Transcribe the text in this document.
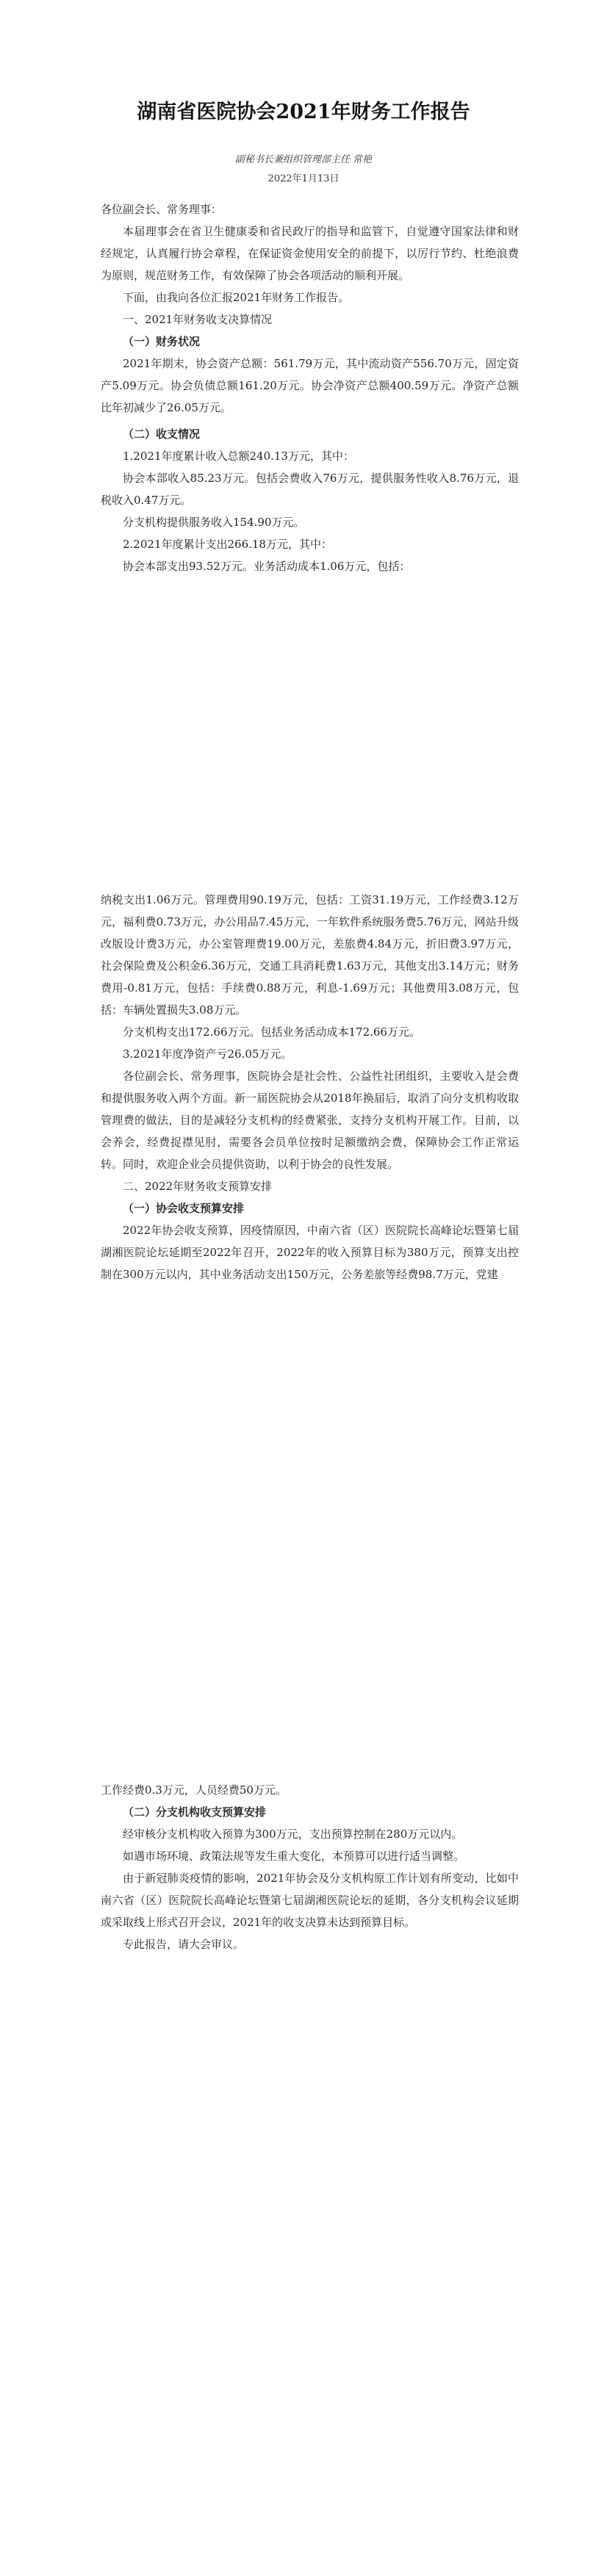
湖南省医院协会2021年财务工作报告
副秘书长兼组织管理部主任 常艳
2022年1月13日

各位副会长、常务理事：

本届理事会在省卫生健康委和省民政厅的指导和监管下，自觉遵守国家法律和财经规定，认真履行协会章程，在保证资金使用安全的前提下，以厉行节约、杜绝浪费为原则，规范财务工作，有效保障了协会各项活动的顺利开展。

下面，由我向各位汇报2021年财务工作报告。

一、2021年财务收支决算情况

（一）财务状况

2021年期末，协会资产总额：561.79万元，其中流动资产556.70万元，固定资产5.09万元。协会负债总额161.20万元。协会净资产总额400.59万元。净资产总额比年初减少了26.05万元。

（二）收支情况

1.2021年度累计收入总额240.13万元，其中：

协会本部收入85.23万元。包括会费收入76万元，提供服务性收入8.76万元，退税收入0.47万元。

分支机构提供服务收入154.90万元。

2.2021年度累计支出266.18万元，其中：

协会本部支出93.52万元。业务活动成本1.06万元，包括：

纳税支出1.06万元。管理费用90.19万元，包括：工资31.19万元，工作经费3.12万元，福利费0.73万元，办公用品7.45万元，一年软件系统服务费5.76万元，网站升级改版设计费3万元，办公室管理费19.00万元，差旅费4.84万元，折旧费3.97万元，社会保险费及公积金6.36万元，交通工具消耗费1.63万元，其他支出3.14万元；财务费用-0.81万元，包括：手续费0.88万元，利息-1.69万元；其他费用3.08万元，包括：车辆处置损失3.08万元。

分支机构支出172.66万元。包括业务活动成本172.66万元。

3.2021年度净资产亏26.05万元。

各位副会长、常务理事，医院协会是社会性、公益性社团组织，主要收入是会费和提供服务收入两个方面。新一届医院协会从2018年换届后，取消了向分支机构收取管理费的做法，目的是减轻分支机构的经费紧张，支持分支机构开展工作。目前，以会养会，经费捉襟见肘，需要各会员单位按时足额缴纳会费，保障协会工作正常运转。同时，欢迎企业会员提供资助，以利于协会的良性发展。

二、2022年财务收支预算安排

（一）协会收支预算安排

2022年协会收支预算，因疫情原因，中南六省（区）医院院长高峰论坛暨第七届湖湘医院论坛延期至2022年召开，2022年的收入预算目标为380万元，预算支出控制在300万元以内，其中业务活动支出150万元，公务差旅等经费98.7万元，党建

工作经费0.3万元，人员经费50万元。

（二）分支机构收支预算安排

经审核分支机构收入预算为300万元，支出预算控制在280万元以内。

如遇市场环境、政策法规等发生重大变化，本预算可以进行适当调整。

由于新冠肺炎疫情的影响，2021年协会及分支机构原工作计划有所变动，比如中南六省（区）医院院长高峰论坛暨第七届湖湘医院论坛的延期，各分支机构会议延期或采取线上形式召开会议，2021年的收支决算未达到预算目标。

专此报告，请大会审议。
